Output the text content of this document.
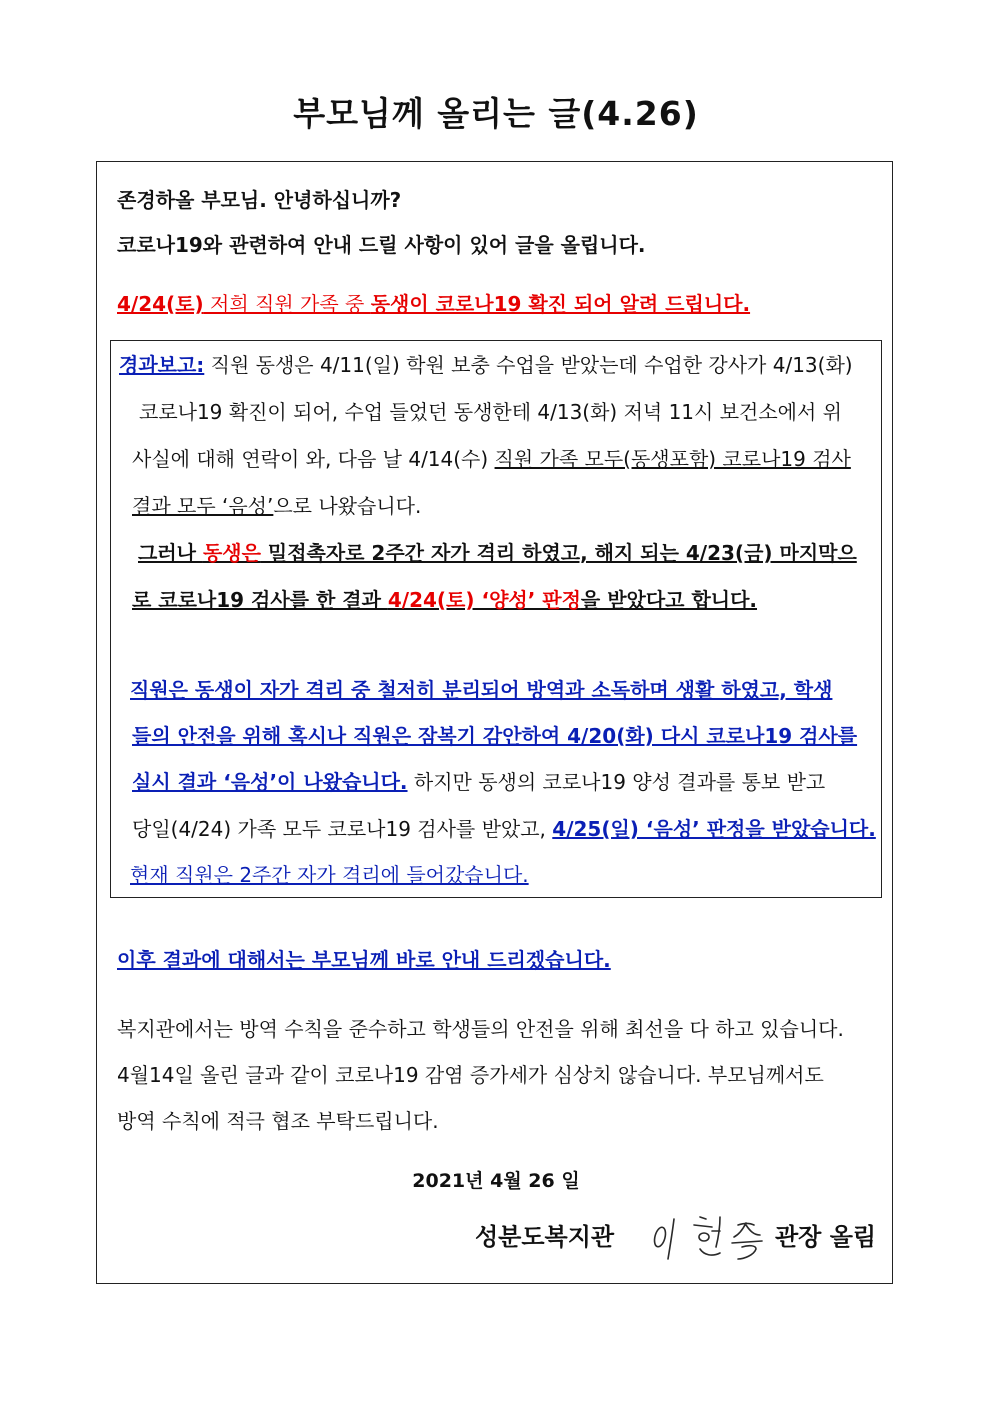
부모님께 올리는 글(4.26)

존경하올 부모님. 안녕하십니까?

코로나19와 관련하여 안내 드릴 사항이 있어 글을 올립니다.

4/24(토) 저희 직원 가족 중 동생이 코로나19 확진 되어 알려 드립니다.

경과보고: 직원 동생은 4/11(일) 학원 보충 수업을 받았는데 수업한 강사가 4/13(화)

코로나19 확진이 되어, 수업 들었던 동생한테 4/13(화) 저녁 11시 보건소에서 위

사실에 대해 연락이 와, 다음 날 4/14(수) 직원 가족 모두(동생포함) 코로나19 검사

결과 모두 ‘음성’으로 나왔습니다.

그러나 동생은 밀접촉자로 2주간 자가 격리 하였고, 해지 되는 4/23(금) 마지막으

로 코로나19 검사를 한 결과 4/24(토) ‘양성’ 판정을 받았다고 합니다.

직원은 동생이 자가 격리 중 철저히 분리되어 방역과 소독하며 생활 하였고, 학생

들의 안전을 위해 혹시나 직원은 잠복기 감안하여 4/20(화) 다시 코로나19 검사를

실시 결과 ‘음성’이 나왔습니다. 하지만 동생의 코로나19 양성 결과를 통보 받고

당일(4/24) 가족 모두 코로나19 검사를 받았고, 4/25(일) ‘음성’ 판정을 받았습니다.

현재 직원은 2주간 자가 격리에 들어갔습니다.

이후 결과에 대해서는 부모님께 바로 안내 드리겠습니다.

복지관에서는 방역 수칙을 준수하고 학생들의 안전을 위해 최선을 다 하고 있습니다.

4월14일 올린 글과 같이 코로나19 감염 증가세가 심상치 않습니다. 부모님께서도

방역 수칙에 적극 협조 부탁드립니다.

2021년 4월 26 일

성분도복지관	관장 올림
